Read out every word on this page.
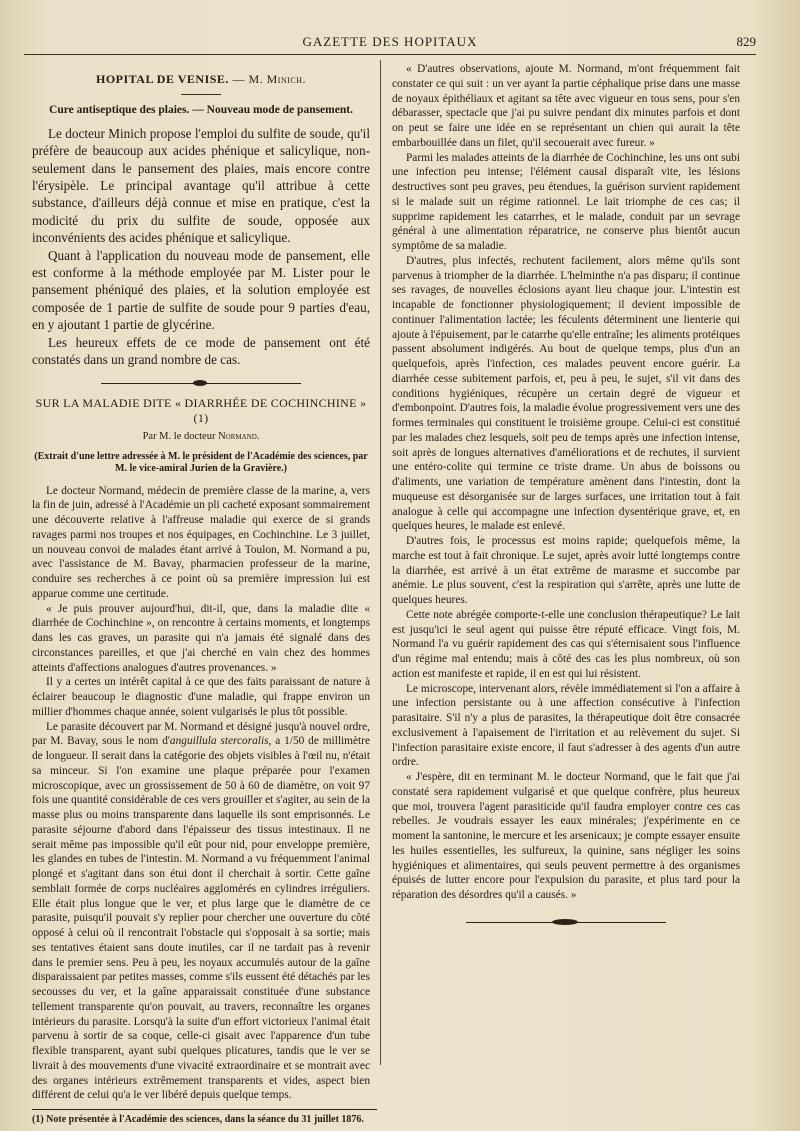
GAZETTE DES HOPITAUX	829
HOPITAL DE VENISE. — M. Minich.
Cure antiseptique des plaies. — Nouveau mode de pansement.

Le docteur Minich propose l'emploi du sulfite de soude, qu'il préfère de beaucoup aux acides phénique et salicylique, non-seulement dans le pansement des plaies, mais encore contre l'érysipèle. Le principal avantage qu'il attribue à cette substance, d'ailleurs déjà connue et mise en pratique, c'est la modicité du prix du sulfite de soude, opposée aux inconvénients des acides phénique et salicylique.

Quant à l'application du nouveau mode de pansement, elle est conforme à la méthode employée par M. Lister pour le pansement phéniqué des plaies, et la solution employée est composée de 1 partie de sulfite de soude pour 9 parties d'eau, en y ajoutant 1 partie de glycérine.

Les heureux effets de ce mode de pansement ont été constatés dans un grand nombre de cas.

SUR LA MALADIE DITE « DIARRHÉE DE COCHINCHINE » (1)
Par M. le docteur Normand.
(Extrait d'une lettre adressée à M. le président de l'Académie des sciences, par M. le vice-amiral Jurien de la Gravière.)

Le docteur Normand, médecin de première classe de la marine, a, vers la fin de juin, adressé à l'Académie un pli cacheté exposant sommairement une découverte relative à l'affreuse maladie qui exerce de si grands ravages parmi nos troupes et nos équipages, en Cochinchine. Le 3 juillet, un nouveau convoi de malades étant arrivé à Toulon, M. Normand a pu, avec l'assistance de M. Bavay, pharmacien professeur de la marine, conduire ses recherches à ce point où sa première impression lui est apparue comme une certitude.

« Je puis prouver aujourd'hui, dit-il, que, dans la maladie dite « diarrhée de Cochinchine », on rencontre à certains moments, et longtemps dans les cas graves, un parasite qui n'a jamais été signalé dans des circonstances pareilles, et que j'ai cherché en vain chez des hommes atteints d'affections analogues d'autres provenances. »

Il y a certes un intérêt capital à ce que des faits paraissant de nature à éclairer beaucoup le diagnostic d'une maladie, qui frappe environ un millier d'hommes chaque année, soient vulgarisés le plus tôt possible.

Le parasite découvert par M. Normand et désigné jusqu'à nouvel ordre, par M. Bavay, sous le nom d'anguillula stercoralis, a 1/50 de millimètre de longueur. Il serait dans la catégorie des objets visibles à l'œil nu, n'était sa minceur. Si l'on examine une plaque préparée pour l'examen microscopique, avec un grossissement de 50 à 60 de diamètre, on voit 97 fois une quantité considérable de ces vers grouiller et s'agiter, au sein de la masse plus ou moins transparente dans laquelle ils sont emprisonnés. Le parasite séjourne d'abord dans l'épaisseur des tissus intestinaux. Il ne serait même pas impossible qu'il eût pour nid, pour enveloppe première, les glandes en tubes de l'intestin. M. Normand a vu fréquemment l'animal plongé et s'agitant dans son étui dont il cherchait à sortir. Cette gaîne semblait formée de corps nucléaires agglomérés en cylindres irréguliers. Elle était plus longue que le ver, et plus large que le diamètre de ce parasite, puisqu'il pouvait s'y replier pour chercher une ouverture du côté opposé à celui où il rencontrait l'obstacle qui s'opposait à sa sortie; mais ses tentatives étaient sans doute inutiles, car il ne tardait pas à revenir dans le premier sens. Peu à peu, les noyaux accumulés autour de la gaîne disparaissaient par petites masses, comme s'ils eussent été détachés par les secousses du ver, et la gaîne apparaissait constituée d'une substance tellement transparente qu'on pouvait, au travers, reconnaître les organes intérieurs du parasite. Lorsqu'à la suite d'un effort victorieux l'animal était parvenu à sortir de sa coque, celle-ci gisait avec l'apparence d'un tube flexible transparent, ayant subi quelques plicatures, tandis que le ver se livrait à des mouvements d'une vivacité extraordinaire et se montrait avec des organes intérieurs extrêmement transparents et vides, aspect bien différent de celui qu'a le ver libéré depuis quelque temps.

(1) Note présentée à l'Académie des sciences, dans la séance du 31 juillet 1876.

« D'autres observations, ajoute M. Normand, m'ont fréquemment fait constater ce qui suit : un ver ayant la partie céphalique prise dans une masse de noyaux épithéliaux et agitant sa tête avec vigueur en tous sens, pour s'en débarasser, spectacle que j'ai pu suivre pendant dix minutes parfois et dont on peut se faire une idée en se représentant un chien qui aurait la tête embarbouillée dans un filet, qu'il secouerait avec fureur. »

Parmi les malades atteints de la diarrhée de Cochinchine, les uns ont subi une infection peu intense; l'élément causal disparaît vite, les lésions destructives sont peu graves, peu étendues, la guérison survient rapidement si le malade suit un régime rationnel. Le lait triomphe de ces cas; il supprime rapidement les catarrhes, et le malade, conduit par un sevrage général à une alimentation réparatrice, ne conserve plus bientôt aucun symptôme de sa maladie.

D'autres, plus infectés, rechutent facilement, alors même qu'ils sont parvenus à triompher de la diarrhée. L'helminthe n'a pas disparu; il continue ses ravages, de nouvelles éclosions ayant lieu chaque jour. L'intestin est incapable de fonctionner physiologiquement; il devient impossible de continuer l'alimentation lactée; les féculents déterminent une lienterie qui ajoute à l'épuisement, par le catarrhe qu'elle entraîne; les aliments protéiques passent absolument indigérés. Au bout de quelque temps, plus d'un an quelquefois, après l'infection, ces malades peuvent encore guérir. La diarrhée cesse subitement parfois, et, peu à peu, le sujet, s'il vit dans des conditions hygiéniques, récupère un certain degré de vigueur et d'embonpoint. D'autres fois, la maladie évolue progressivement vers une des formes terminales qui constituent le troisième groupe. Celui-ci est constitué par les malades chez lesquels, soit peu de temps après une infection intense, soit après de longues alternatives d'améliorations et de rechutes, il survient une entéro-colite qui termine ce triste drame. Un abus de boissons ou d'aliments, une variation de température amènent dans l'intestin, dont la muqueuse est désorganisée sur de larges surfaces, une irritation tout à fait analogue à celle qui accompagne une infection dysentérique grave, et, en quelques heures, le malade est enlevé.

D'autres fois, le processus est moins rapide; quelquefois même, la marche est tout à fait chronique. Le sujet, après avoir lutté longtemps contre la diarrhée, est arrivé à un état extrême de marasme et succombe par anémie. Le plus souvent, c'est la respiration qui s'arrête, après une lutte de quelques heures.

Cette note abrégée comporte-t-elle une conclusion thérapeutique? Le lait est jusqu'ici le seul agent qui puisse être réputé efficace. Vingt fois, M. Normand l'a vu guérir rapidement des cas qui s'éternisaient sous l'influence d'un régime mal entendu; mais à côté des cas les plus nombreux, où son action est manifeste et rapide, il en est qui lui résistent.

Le microscope, intervenant alors, révèle immédiatement si l'on a affaire à une infection persistante ou à une affection consécutive à l'infection parasitaire. S'il n'y a plus de parasites, la thérapeutique doit être consacrée exclusivement à l'apaisement de l'irritation et au relèvement du sujet. Si l'infection parasitaire existe encore, il faut s'adresser à des agents d'un autre ordre.

« J'espère, dit en terminant M. le docteur Normand, que le fait que j'ai constaté sera rapidement vulgarisé et que quelque confrère, plus heureux que moi, trouvera l'agent parasiticide qu'il faudra employer contre ces cas rebelles. Je voudrais essayer les eaux minérales; j'expérimente en ce moment la santonine, le mercure et les arsenicaux; je compte essayer ensuite les huiles essentielles, les sulfureux, la quinine, sans négliger les soins hygiéniques et alimentaires, qui seuls peuvent permettre à des organismes épuisés de lutter encore pour l'expulsion du parasite, et plus tard pour la réparation des désordres qu'il a causés. »
